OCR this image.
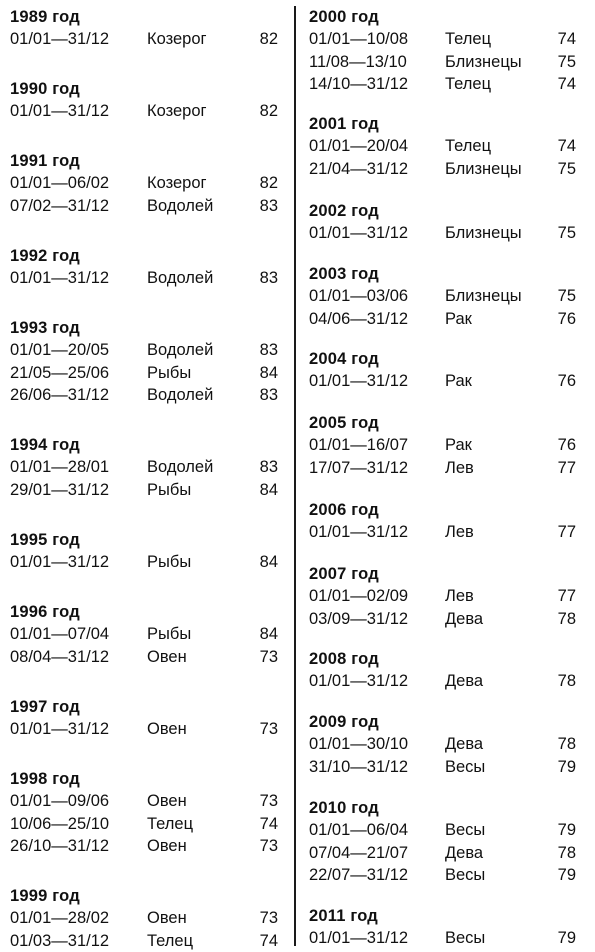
1989 год
01/01—31/12 Козерог	82
1990 год
01/01—31/12 Козерог	82
1991 год
01/01—06/02 Козерог	82
07/02—31/12 Водолей	83
1992 год
01/01—31/12 Водолей	83
1993 год
01/01—20/05 Водолей	83
21/05—25/06 Рыбы	84
26/06—31/12 Водолей	83
1994 год
01/01—28/01 Водолей	83
29/01—31/12 Рыбы	84
1995 год
01/01—31/12 Рыбы	84
1996 год
01/01—07/04 Рыбы	84
08/04—31/12 Овен	73
1997 год
01/01—31/12 Овен	73
1998 год
01/01—09/06 Овен	73
10/06—25/10 Телец	74
26/10—31/12 Овен	73
1999 год
01/01—28/02 Овен	73
01/03—31/12 Телец	74
2000 год
01/01—10/08 Телец	74
11/08—13/10 Близнецы 75
14/10—31/12 Телец	74
2001 год
01/01—20/04 Телец	74
21/04—31/12 Близнецы 75
2002 год
01/01—31/12 Близнецы 75
2003 год
01/01—03/06 Близнецы 75
04/06—31/12 Рак	76
2004 год
01/01—31/12 Рак	76
2005 год
01/01—16/07 Рак	76
17/07—31/12 Лев	77
2006 год
01/01—31/12 Лев	77
2007 год
01/01—02/09 Лев	77
03/09—31/12 Дева	78
2008 год
01/01—31/12 Дева	78
2009 год
01/01—30/10 Дева	78
31/10—31/12 Весы	79
2010 год
01/01—06/04 Весы	79
07/04—21/07 Дева	78
22/07—31/12 Весы	79
2011 год
01/01—31/12 Весы	79
